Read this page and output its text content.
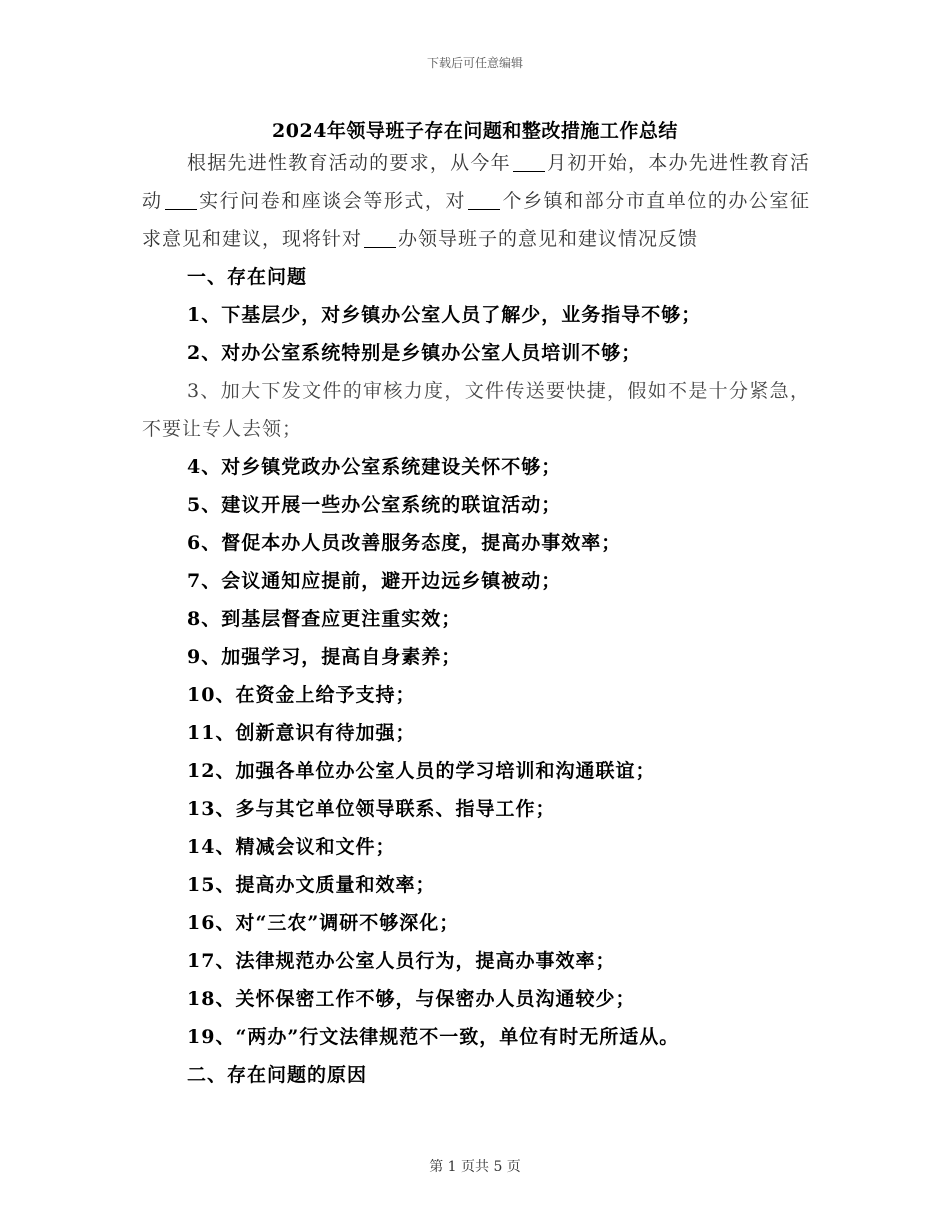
下载后可任意编辑
2024年领导班子存在问题和整改措施工作总结

根据先进性教育活动的要求，从今年 月初开始，本办先进性教育活动 实行问卷和座谈会等形式，对 个乡镇和部分市直单位的办公室征求意见和建议，现将针对 办领导班子的意见和建议情况反馈

一、存在问题

1、下基层少，对乡镇办公室人员了解少，业务指导不够；

2、对办公室系统特别是乡镇办公室人员培训不够；

3、加大下发文件的审核力度，文件传送要快捷，假如不是十分紧急，不要让专人去领；

4、对乡镇党政办公室系统建设关怀不够；

5、建议开展一些办公室系统的联谊活动；

6、督促本办人员改善服务态度，提高办事效率；

7、会议通知应提前，避开边远乡镇被动；

8、到基层督查应更注重实效；

9、加强学习，提高自身素养；

10、在资金上给予支持；

11、创新意识有待加强；

12、加强各单位办公室人员的学习培训和沟通联谊；

13、多与其它单位领导联系、指导工作；

14、精减会议和文件；

15、提高办文质量和效率；

16、对“三农”调研不够深化；

17、法律规范办公室人员行为，提高办事效率；

18、关怀保密工作不够，与保密办人员沟通较少；

19、“两办”行文法律规范不一致，单位有时无所适从。

二、存在问题的原因

第 1 页共 5 页
